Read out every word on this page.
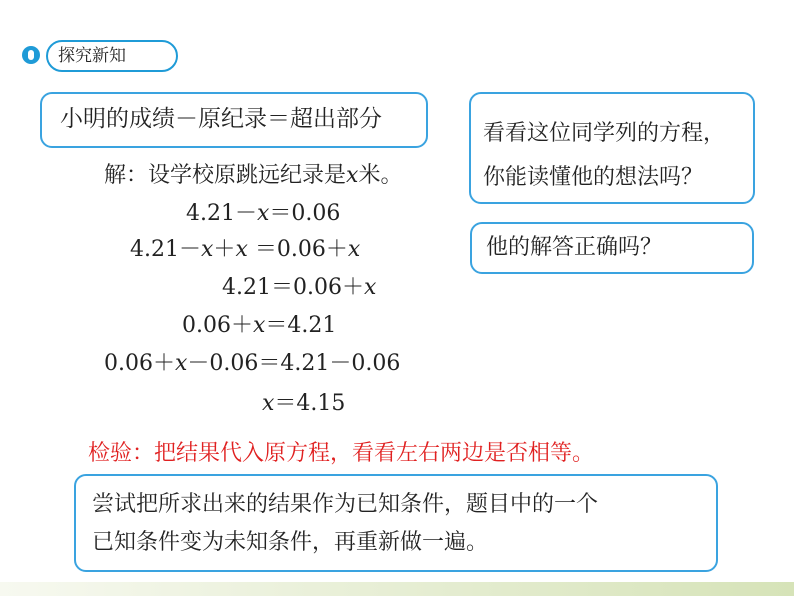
探究新知
小明的成绩－原纪录＝超出部分
解：设学校原跳远纪录是x米。
4.21－x＝0.06
4.21－x＋x ＝0.06＋x
4.21＝0.06＋x
0.06＋x＝4.21
0.06＋x－0.06＝4.21－0.06
x＝4.15
看看这位同学列的方程，
你能读懂他的想法吗？
他的解答正确吗？
检验：把结果代入原方程，看看左右两边是否相等。
尝试把所求出来的结果作为已知条件，题目中的一个
已知条件变为未知条件，再重新做一遍。
